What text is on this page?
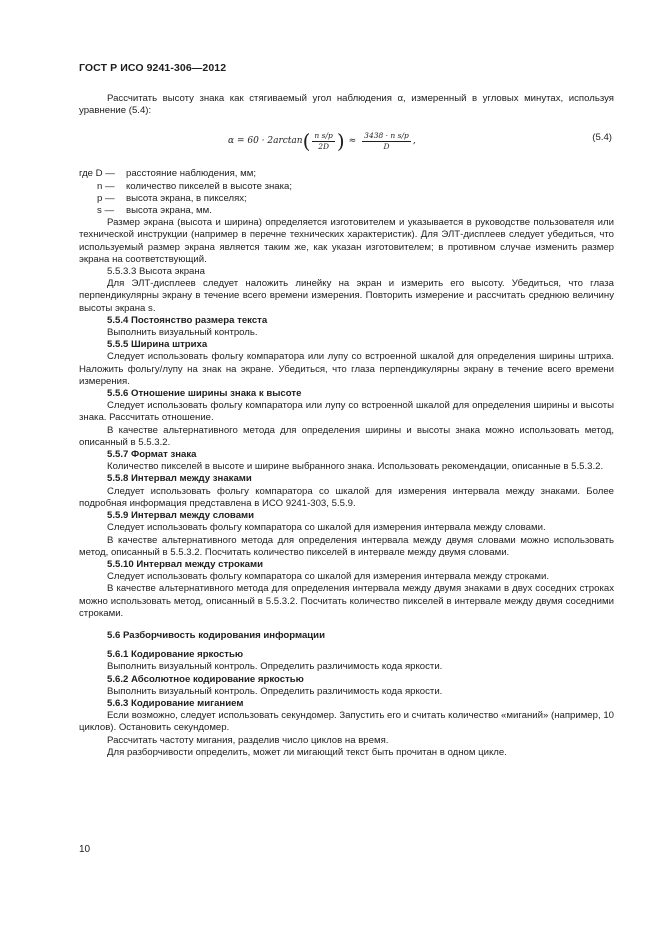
ГОСТ Р ИСО 9241-306—2012

Рассчитать высоту знака как стягиваемый угол наблюдения α, измеренный в угловых минутах, используя уравнение (5.4):

α = 60 · 2arctan ( $\frac{\text{n s/p}}{2D}$ ) ≈ $\frac{\text{3438 · n s/p}}{D}$ ,	(5.4)
где D —	расстояние наблюдения, мм;
n —	количество пикселей в высоте знака;
p —	высота экрана, в пикселях;
s —	высота экрана, мм.

Размер экрана (высота и ширина) определяется изготовителем и указывается в руководстве пользователя или технической инструкции (например в перечне технических характеристик). Для ЭЛТ-дисплеев следует убедиться, что используемый размер экрана является таким же, как указан изготовителем; в противном случае изменить размер экрана на соответствующий.

5.5.3.3 Высота экрана

Для ЭЛТ-дисплеев следует наложить линейку на экран и измерить его высоту. Убедиться, что глаза перпендикулярны экрану в течение всего времени измерения. Повторить измерение и рассчитать среднюю величину высоты экрана s.

5.5.4 Постоянство размера текста

Выполнить визуальный контроль.

5.5.5 Ширина штриха

Следует использовать фольгу компаратора или лупу со встроенной шкалой для определения ширины штриха. Наложить фольгу/лупу на знак на экране. Убедиться, что глаза перпендикулярны экрану в течение всего времени измерения.

5.5.6 Отношение ширины знака к высоте

Следует использовать фольгу компаратора или лупу со встроенной шкалой для определения ширины и высоты знака. Рассчитать отношение.

В качестве альтернативного метода для определения ширины и высоты знака можно использовать метод, описанный в 5.5.3.2.

5.5.7 Формат знака

Количество пикселей в высоте и ширине выбранного знака. Использовать рекомендации, описанные в 5.5.3.2.

5.5.8 Интервал между знаками

Следует использовать фольгу компаратора со шкалой для измерения интервала между знаками. Более подробная информация представлена в ИСО 9241-303, 5.5.9.

5.5.9 Интервал между словами

Следует использовать фольгу компаратора со шкалой для измерения интервала между словами.

В качестве альтернативного метода для определения интервала между двумя словами можно использовать метод, описанный в 5.5.3.2. Посчитать количество пикселей в интервале между двумя словами.

5.5.10 Интервал между строками

Следует использовать фольгу компаратора со шкалой для измерения интервала между строками.

В качестве альтернативного метода для определения интервала между двумя знаками в двух соседних строках можно использовать метод, описанный в 5.5.3.2. Посчитать количество пикселей в интервале между двумя соседними строками.

5.6 Разборчивость кодирования информации

5.6.1 Кодирование яркостью

Выполнить визуальный контроль. Определить различимость кода яркости.

5.6.2 Абсолютное кодирование яркостью

Выполнить визуальный контроль. Определить различимость кода яркости.

5.6.3 Кодирование миганием

Если возможно, следует использовать секундомер. Запустить его и считать количество «миганий» (например, 10 циклов). Остановить секундомер.

Рассчитать частоту мигания, разделив число циклов на время.

Для разборчивости определить, может ли мигающий текст быть прочитан в одном цикле.

10
